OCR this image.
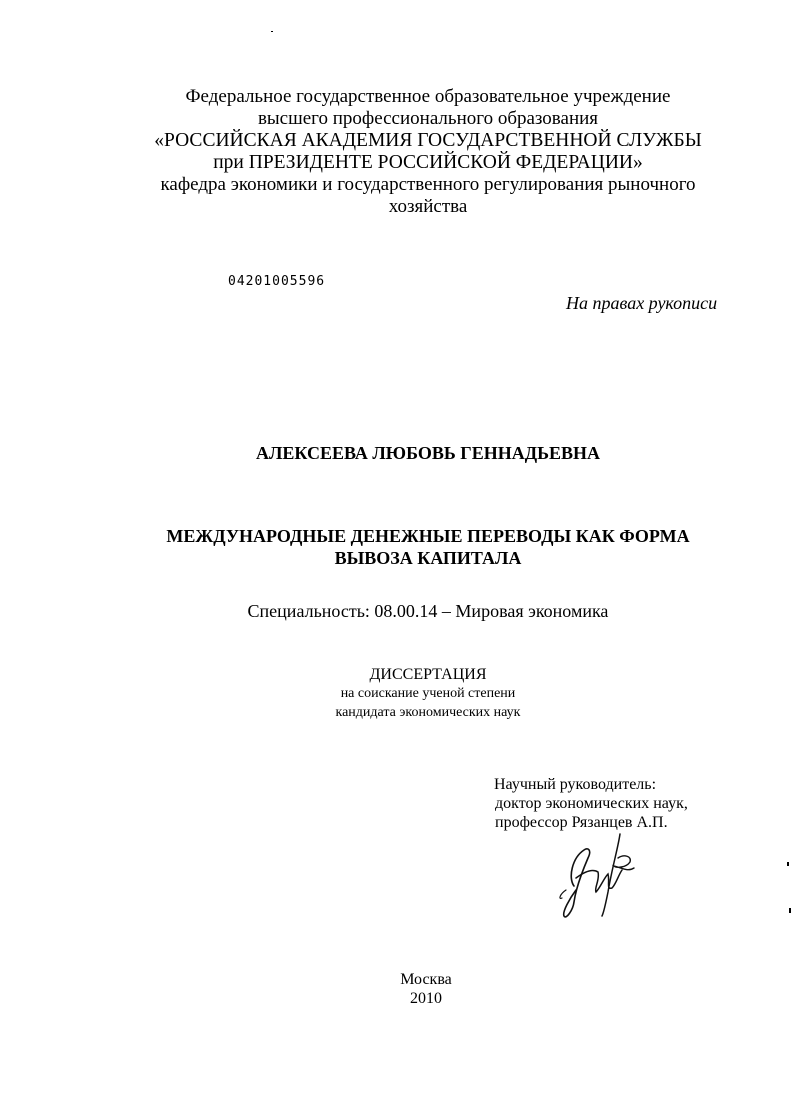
Федеральное государственное образовательное учреждение
высшего профессионального образования
«РОССИЙСКАЯ АКАДЕМИЯ ГОСУДАРСТВЕННОЙ СЛУЖБЫ
при ПРЕЗИДЕНТЕ РОССИЙСКОЙ ФЕДЕРАЦИИ»
кафедра экономики и государственного регулирования рыночного
хозяйства
04201005596
На правах рукописи
АЛЕКСЕЕВА ЛЮБОВЬ ГЕННАДЬЕВНА
МЕЖДУНАРОДНЫЕ ДЕНЕЖНЫЕ ПЕРЕВОДЫ КАК ФОРМА
ВЫВОЗА КАПИТАЛА
Специальность: 08.00.14 – Мировая экономика
ДИССЕРТАЦИЯ
на соискание ученой степени
кандидата экономических наук
Научный руководитель:
доктор экономических наук,
профессор Рязанцев А.П.
Москва
2010
